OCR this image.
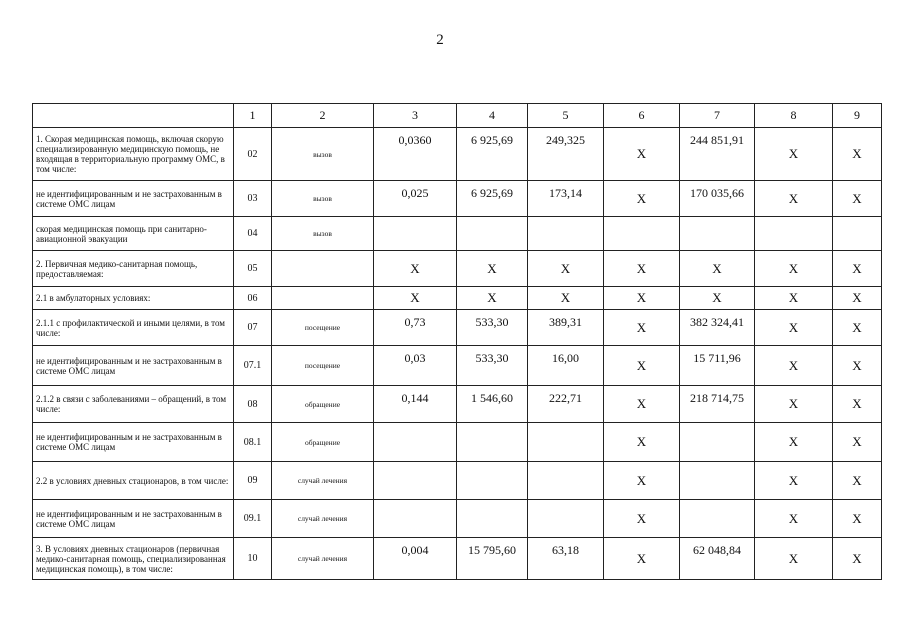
2
	1	2	3	4	5	6	7	8	9
1. Скорая медицинская помощь, включая скорую специализированную медицинскую помощь, не входящая в территориальную программу ОМС, в том числе:	02	вызов	0,0360	6 925,69	249,325	X	244 851,91	X	X
не идентифицированным и не застрахованным в системе ОМС лицам	03	вызов	0,025	6 925,69	173,14	X	170 035,66	X	X
скорая медицинская помощь при санитарно-авиационной эвакуации	04	вызов							
2. Первичная медико-санитарная помощь, предоставляемая:	05		X	X	X	X	X	X	X
2.1 в амбулаторных условиях:	06		X	X	X	X	X	X	X
2.1.1 с профилактической и иными целями, в том числе:	07	посещение	0,73	533,30	389,31	X	382 324,41	X	X
не идентифицированным и не застрахованным в системе ОМС лицам	07.1	посещение	0,03	533,30	16,00	X	15 711,96	X	X
2.1.2 в связи с заболеваниями – обращений, в том числе:	08	обращение	0,144	1 546,60	222,71	X	218 714,75	X	X
не идентифицированным и не застрахованным в системе ОМС лицам	08.1	обращение				X		X	X
2.2 в условиях дневных стационаров, в том числе:	09	случай лечения				X		X	X
не идентифицированным и не застрахованным в системе ОМС лицам	09.1	случай лечения				X		X	X
3. В условиях дневных стационаров (первичная медико-санитарная помощь, специализированная медицинская помощь), в том числе:	10	случай лечения	0,004	15 795,60	63,18	X	62 048,84	X	X
